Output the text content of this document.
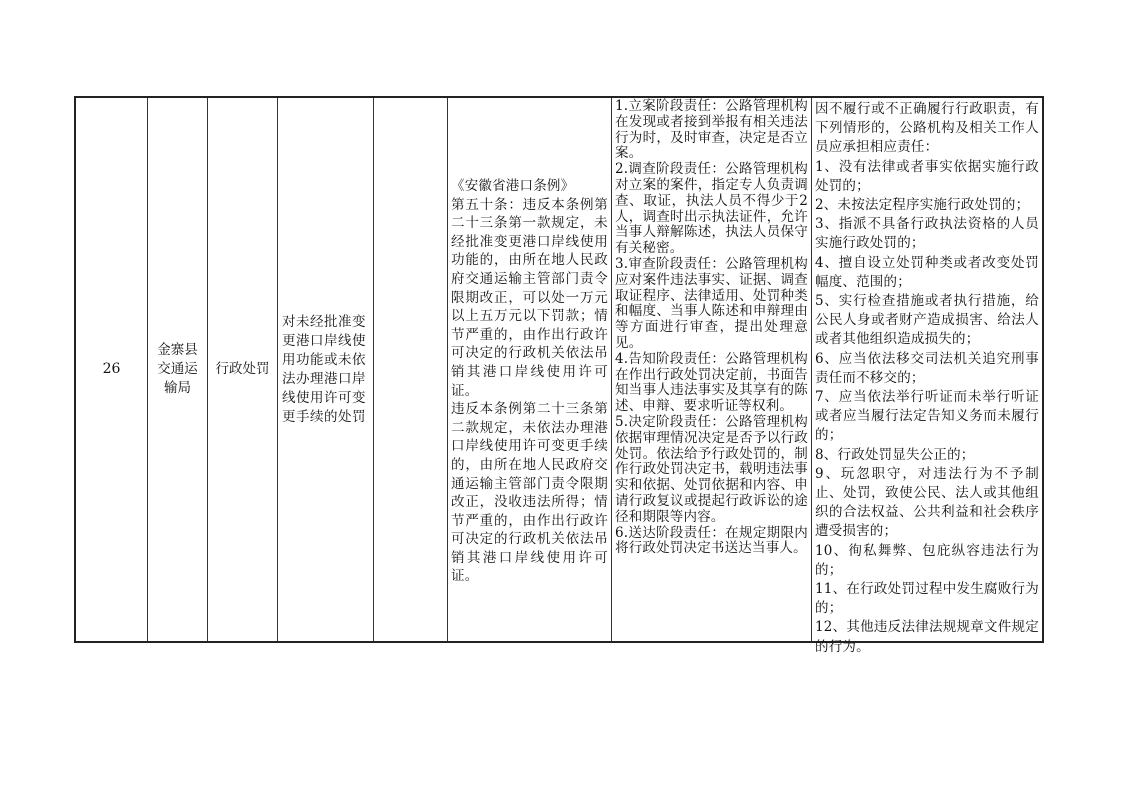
26
金寨县
交通运
输局
行政处罚
对未经批准变更港口岸线使用功能或未依法办理港口岸线使用许可变更手续的处罚
《安徽省港口条例》
第五十条：违反本条例第二十三条第一款规定，未经批准变更港口岸线使用功能的，由所在地人民政府交通运输主管部门责令限期改正，可以处一万元以上五万元以下罚款；情节严重的，由作出行政许可决定的行政机关依法吊销其港口岸线使用许可证。
违反本条例第二十三条第二款规定，未依法办理港口岸线使用许可变更手续的，由所在地人民政府交通运输主管部门责令限期改正，没收违法所得；情节严重的，由作出行政许可决定的行政机关依法吊销其港口岸线使用许可证。
1.立案阶段责任：公路管理机构在发现或者接到举报有相关违法行为时，及时审查，决定是否立案。
2.调查阶段责任：公路管理机构对立案的案件，指定专人负责调查、取证，执法人员不得少于2人，调查时出示执法证件，允许当事人辩解陈述，执法人员保守有关秘密。
3.审查阶段责任：公路管理机构应对案件违法事实、证据、调查取证程序、法律适用、处罚种类和幅度、当事人陈述和申辩理由等方面进行审查，提出处理意见。
4.告知阶段责任：公路管理机构在作出行政处罚决定前，书面告知当事人违法事实及其享有的陈述、申辩、要求听证等权利。
5.决定阶段责任：公路管理机构依据审理情况决定是否予以行政处罚。依法给予行政处罚的，制作行政处罚决定书，载明违法事实和依据、处罚依据和内容、申请行政复议或提起行政诉讼的途径和期限等内容。
6.送达阶段责任：在规定期限内将行政处罚决定书送达当事人。
因不履行或不正确履行行政职责，有下列情形的，公路机构及相关工作人员应承担相应责任：
1、没有法律或者事实依据实施行政处罚的；
2、未按法定程序实施行政处罚的；
3、指派不具备行政执法资格的人员实施行政处罚的；
4、擅自设立处罚种类或者改变处罚幅度、范围的；
5、实行检查措施或者执行措施，给公民人身或者财产造成损害、给法人或者其他组织造成损失的；
6、应当依法移交司法机关追究刑事责任而不移交的；
7、应当依法举行听证而未举行听证或者应当履行法定告知义务而未履行的；
8、行政处罚显失公正的；
9、玩忽职守，对违法行为不予制止、处罚，致使公民、法人或其他组织的合法权益、公共利益和社会秩序遭受损害的；
10、徇私舞弊、包庇纵容违法行为的；
11、在行政处罚过程中发生腐败行为的；
12、其他违反法律法规规章文件规定的行为。
